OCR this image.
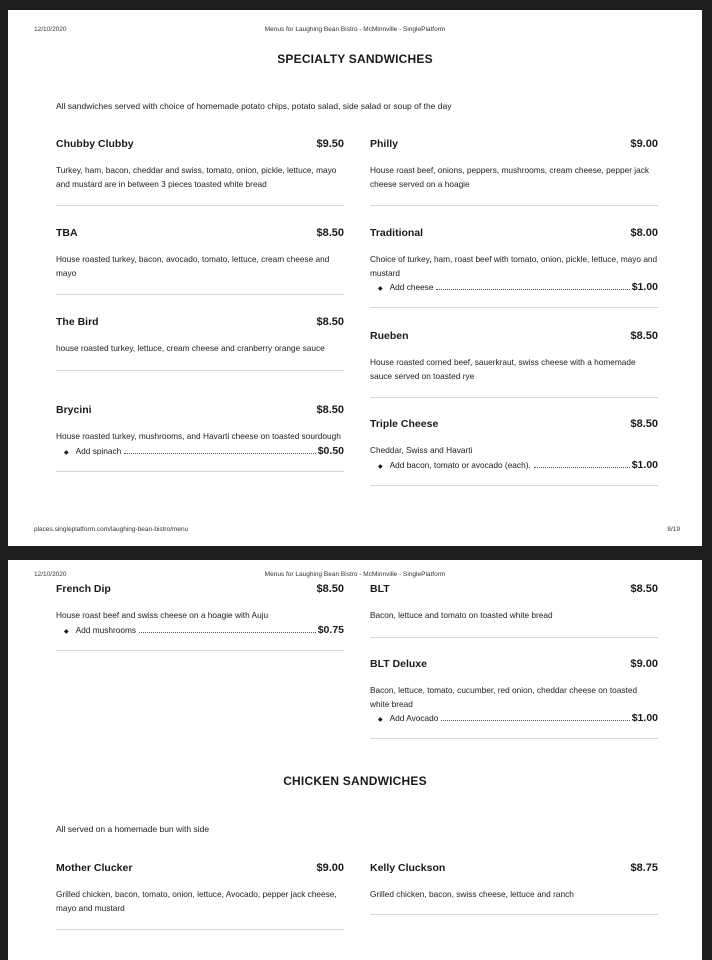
12/10/2020	Menus for Laughing Bean Bistro - McMinnville - SinglePlatform
SPECIALTY SANDWICHES
All sandwiches served with choice of homemade potato chips, potato salad, side salad or soup of the day
Chubby Clubby	$9.50
Turkey, ham, bacon, cheddar and swiss, tomato, onion, pickle, lettuce, mayo and mustard are in between 3 pieces toasted white bread
Philly	$9.00
House roast beef, onions, peppers, mushrooms, cream cheese, pepper jack cheese served on a hoagie
TBA	$8.50
House roasted turkey, bacon, avocado, tomato, lettuce, cream cheese and mayo
Traditional	$8.00
Choice of turkey, ham, roast beef with tomato, onion, pickle, lettuce, mayo and mustard
◆ Add cheese	$1.00
The Bird	$8.50
house roasted turkey, lettuce, cream cheese and cranberry orange sauce
Rueben	$8.50
House roasted corned beef, sauerkraut, swiss cheese with a homemade sauce served on toasted rye
Brycini	$8.50
House roasted turkey, mushrooms, and Havarti cheese on toasted sourdough
◆ Add spinach	$0.50
Triple Cheese	$8.50
Cheddar, Swiss and Havarti
◆ Add bacon, tomato or avocado (each).	$1.00
places.singleplatform.com/laughing-bean-bistro/menu	8/19
12/10/2020	Menus for Laughing Bean Bistro - McMinnville - SinglePlatform
French Dip	$8.50
House roast beef and swiss cheese on a hoagie with Auju
◆ Add mushrooms	$0.75
BLT	$8.50
Bacon, lettuce and tomato on toasted white bread
BLT Deluxe	$9.00
Bacon, lettuce, tomato, cucumber, red onion, cheddar cheese on toasted white bread
◆ Add Avocado	$1.00
CHICKEN SANDWICHES
All served on a homemade bun with side
Mother Clucker	$9.00
Grilled chicken, bacon, tomato, onion, lettuce, Avocado, pepper jack cheese, mayo and mustard
Kelly Cluckson	$8.75
Grilled chicken, bacon, swiss cheese, lettuce and ranch
